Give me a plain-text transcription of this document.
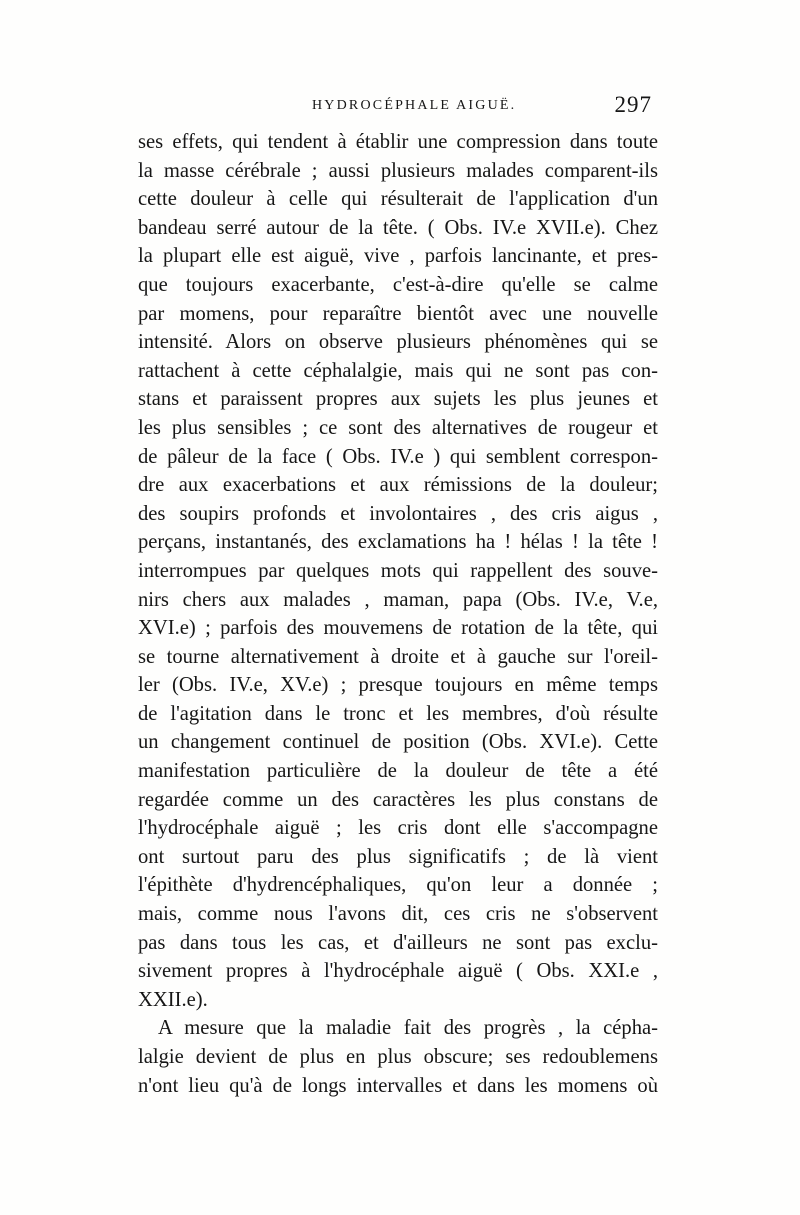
HYDROCÉPHALE AIGUË.	297
ses effets, qui tendent à établir une compression dans toute
la masse cérébrale ; aussi plusieurs malades comparent-ils
cette douleur à celle qui résulterait de l'application d'un
bandeau serré autour de la tête. ( Obs. IV.e XVII.e). Chez
la plupart elle est aiguë, vive , parfois lancinante, et pres-
que toujours exacerbante, c'est-à-dire qu'elle se calme
par momens, pour reparaître bientôt avec une nouvelle
intensité. Alors on observe plusieurs phénomènes qui se
rattachent à cette céphalalgie, mais qui ne sont pas con-
stans et paraissent propres aux sujets les plus jeunes et
les plus sensibles ; ce sont des alternatives de rougeur et
de pâleur de la face ( Obs. IV.e ) qui semblent correspon-
dre aux exacerbations et aux rémissions de la douleur;
des soupirs profonds et involontaires , des cris aigus ,
perçans, instantanés, des exclamations ha ! hélas ! la tête !
interrompues par quelques mots qui rappellent des souve-
nirs chers aux malades , maman, papa (Obs. IV.e, V.e,
XVI.e) ; parfois des mouvemens de rotation de la tête, qui
se tourne alternativement à droite et à gauche sur l'oreil-
ler (Obs. IV.e, XV.e) ; presque toujours en même temps
de l'agitation dans le tronc et les membres, d'où résulte
un changement continuel de position (Obs. XVI.e). Cette
manifestation particulière de la douleur de tête a été
regardée comme un des caractères les plus constans de
l'hydrocéphale aiguë ; les cris dont elle s'accompagne
ont surtout paru des plus significatifs ; de là vient
l'épithète d'hydrencéphaliques, qu'on leur a donnée ;
mais, comme nous l'avons dit, ces cris ne s'observent
pas dans tous les cas, et d'ailleurs ne sont pas exclu-
sivement propres à l'hydrocéphale aiguë ( Obs. XXI.e ,
XXII.e).
A mesure que la maladie fait des progrès , la cépha-
lalgie devient de plus en plus obscure; ses redoublemens
n'ont lieu qu'à de longs intervalles et dans les momens où
